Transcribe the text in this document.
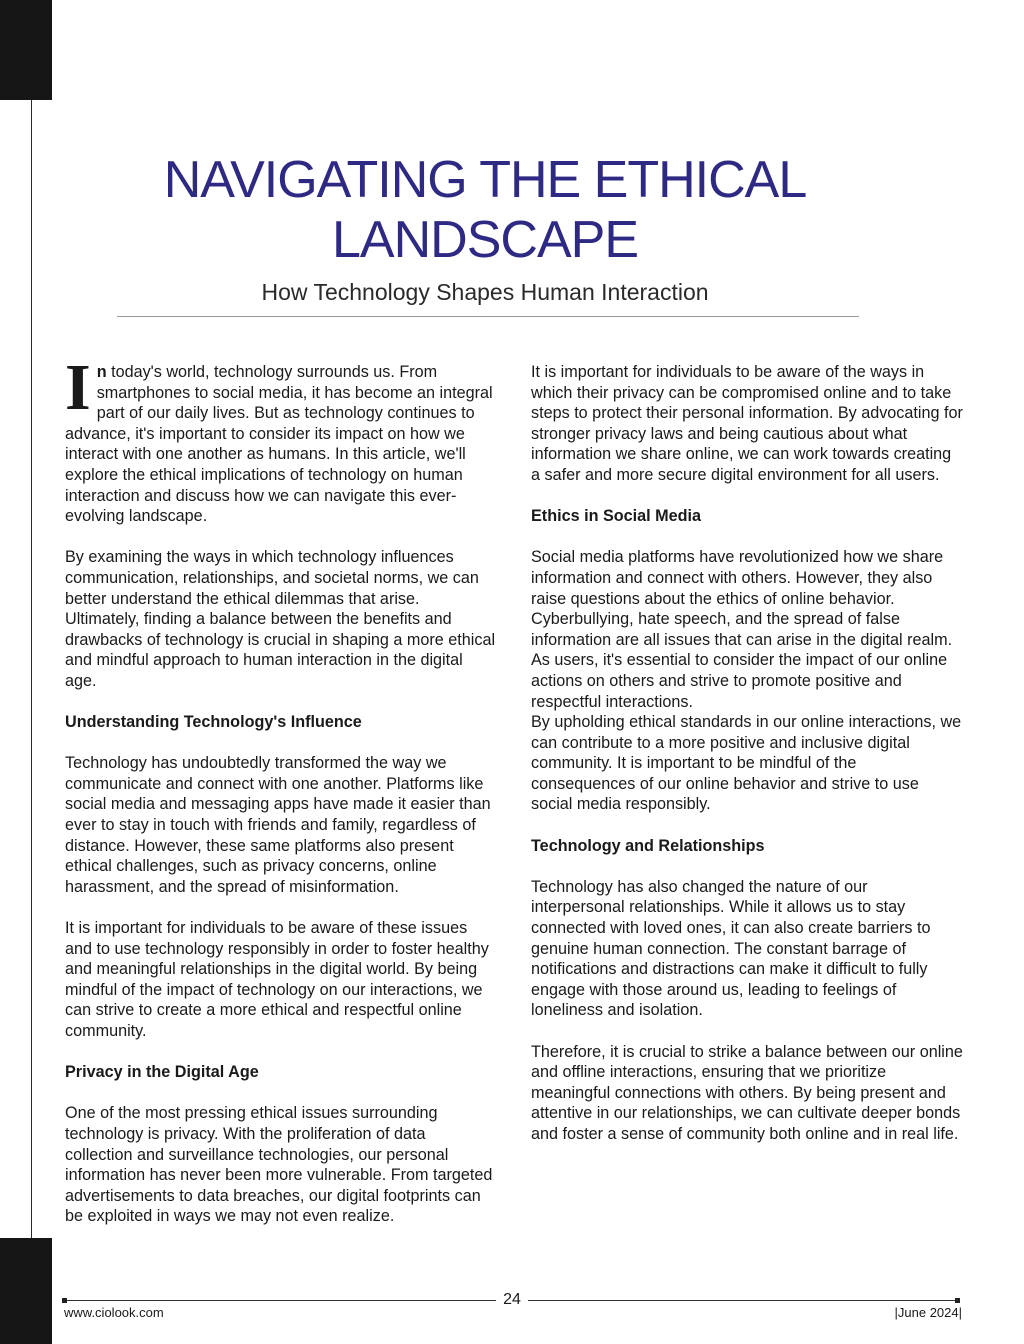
NAVIGATING THE ETHICAL LANDSCAPE
How Technology Shapes Human Interaction

In today's world, technology surrounds us. From smartphones to social media, it has become an integral part of our daily lives. But as technology continues to advance, it's important to consider its impact on how we interact with one another as humans. In this article, we'll explore the ethical implications of technology on human interaction and discuss how we can navigate this ever-evolving landscape.

By examining the ways in which technology influences communication, relationships, and societal norms, we can better understand the ethical dilemmas that arise. Ultimately, finding a balance between the benefits and drawbacks of technology is crucial in shaping a more ethical and mindful approach to human interaction in the digital age.

Understanding Technology's Influence

Technology has undoubtedly transformed the way we communicate and connect with one another. Platforms like social media and messaging apps have made it easier than ever to stay in touch with friends and family, regardless of distance. However, these same platforms also present ethical challenges, such as privacy concerns, online harassment, and the spread of misinformation.

It is important for individuals to be aware of these issues and to use technology responsibly in order to foster healthy and meaningful relationships in the digital world. By being mindful of the impact of technology on our interactions, we can strive to create a more ethical and respectful online community.

Privacy in the Digital Age

One of the most pressing ethical issues surrounding technology is privacy. With the proliferation of data collection and surveillance technologies, our personal information has never been more vulnerable. From targeted advertisements to data breaches, our digital footprints can be exploited in ways we may not even realize.

It is important for individuals to be aware of the ways in which their privacy can be compromised online and to take steps to protect their personal information. By advocating for stronger privacy laws and being cautious about what information we share online, we can work towards creating a safer and more secure digital environment for all users.

Ethics in Social Media

Social media platforms have revolutionized how we share information and connect with others. However, they also raise questions about the ethics of online behavior. Cyberbullying, hate speech, and the spread of false information are all issues that can arise in the digital realm. As users, it's essential to consider the impact of our online actions on others and strive to promote positive and respectful interactions.

By upholding ethical standards in our online interactions, we can contribute to a more positive and inclusive digital community. It is important to be mindful of the consequences of our online behavior and strive to use social media responsibly.

Technology and Relationships

Technology has also changed the nature of our interpersonal relationships. While it allows us to stay connected with loved ones, it can also create barriers to genuine human connection. The constant barrage of notifications and distractions can make it difficult to fully engage with those around us, leading to feelings of loneliness and isolation.

Therefore, it is crucial to strike a balance between our online and offline interactions, ensuring that we prioritize meaningful connections with others. By being present and attentive in our relationships, we can cultivate deeper bonds and foster a sense of community both online and in real life.

24
www.ciolook.com	|June 2024|
